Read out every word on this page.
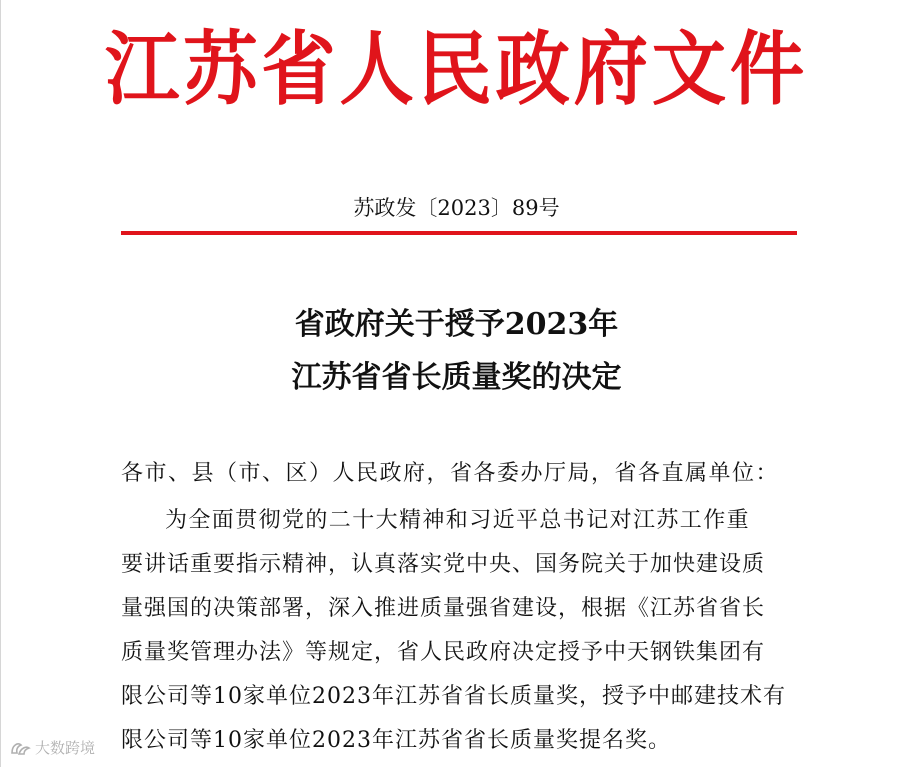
江苏省人民政府文件
苏政发〔2023〕89号
省政府关于授予2023年
江苏省省长质量奖的决定
各市、县（市、区）人民政府，省各委办厅局，省各直属单位：
为全面贯彻党的二十大精神和习近平总书记对江苏工作重
要讲话重要指示精神，认真落实党中央、国务院关于加快建设质
量强国的决策部署，深入推进质量强省建设，根据《江苏省省长
质量奖管理办法》等规定，省人民政府决定授予中天钢铁集团有
限公司等10家单位2023年江苏省省长质量奖，授予中邮建技术有
限公司等10家单位2023年江苏省省长质量奖提名奖。
大数跨境
